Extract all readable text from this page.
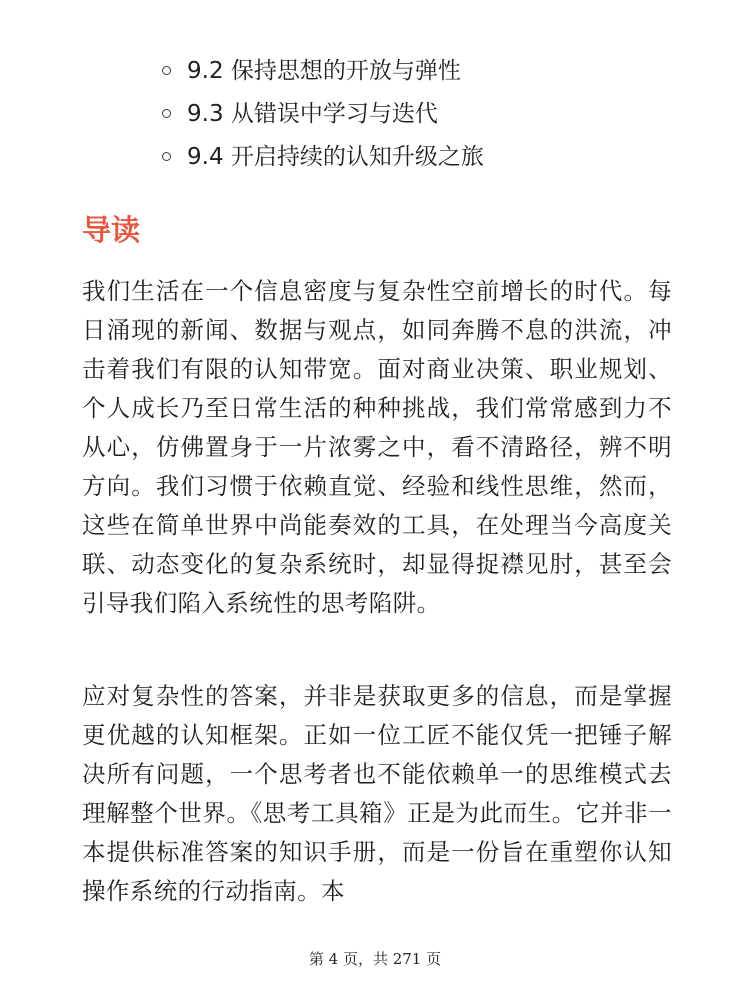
9.2 保持思想的开放与弹性
9.3 从错误中学习与迭代
9.4 开启持续的认知升级之旅
导读

我们生活在一个信息密度与复杂性空前增长的时代。每日涌现的新闻、数据与观点，如同奔腾不息的洪流，冲击着我们有限的认知带宽。面对商业决策、职业规划、个人成长乃至日常生活的种种挑战，我们常常感到力不从心，仿佛置身于一片浓雾之中，看不清路径，辨不明方向。我们习惯于依赖直觉、经验和线性思维，然而，这些在简单世界中尚能奏效的工具，在处理当今高度关联、动态变化的复杂系统时，却显得捉襟见肘，甚至会引导我们陷入系统性的思考陷阱。

应对复杂性的答案，并非是获取更多的信息，而是掌握更优越的认知框架。正如一位工匠不能仅凭一把锤子解决所有问题，一个思考者也不能依赖单一的思维模式去理解整个世界。《思考工具箱》正是为此而生。它并非一本提供标准答案的知识手册，而是一份旨在重塑你认知操作系统的行动指南。本

第 4 页，共 271 页
